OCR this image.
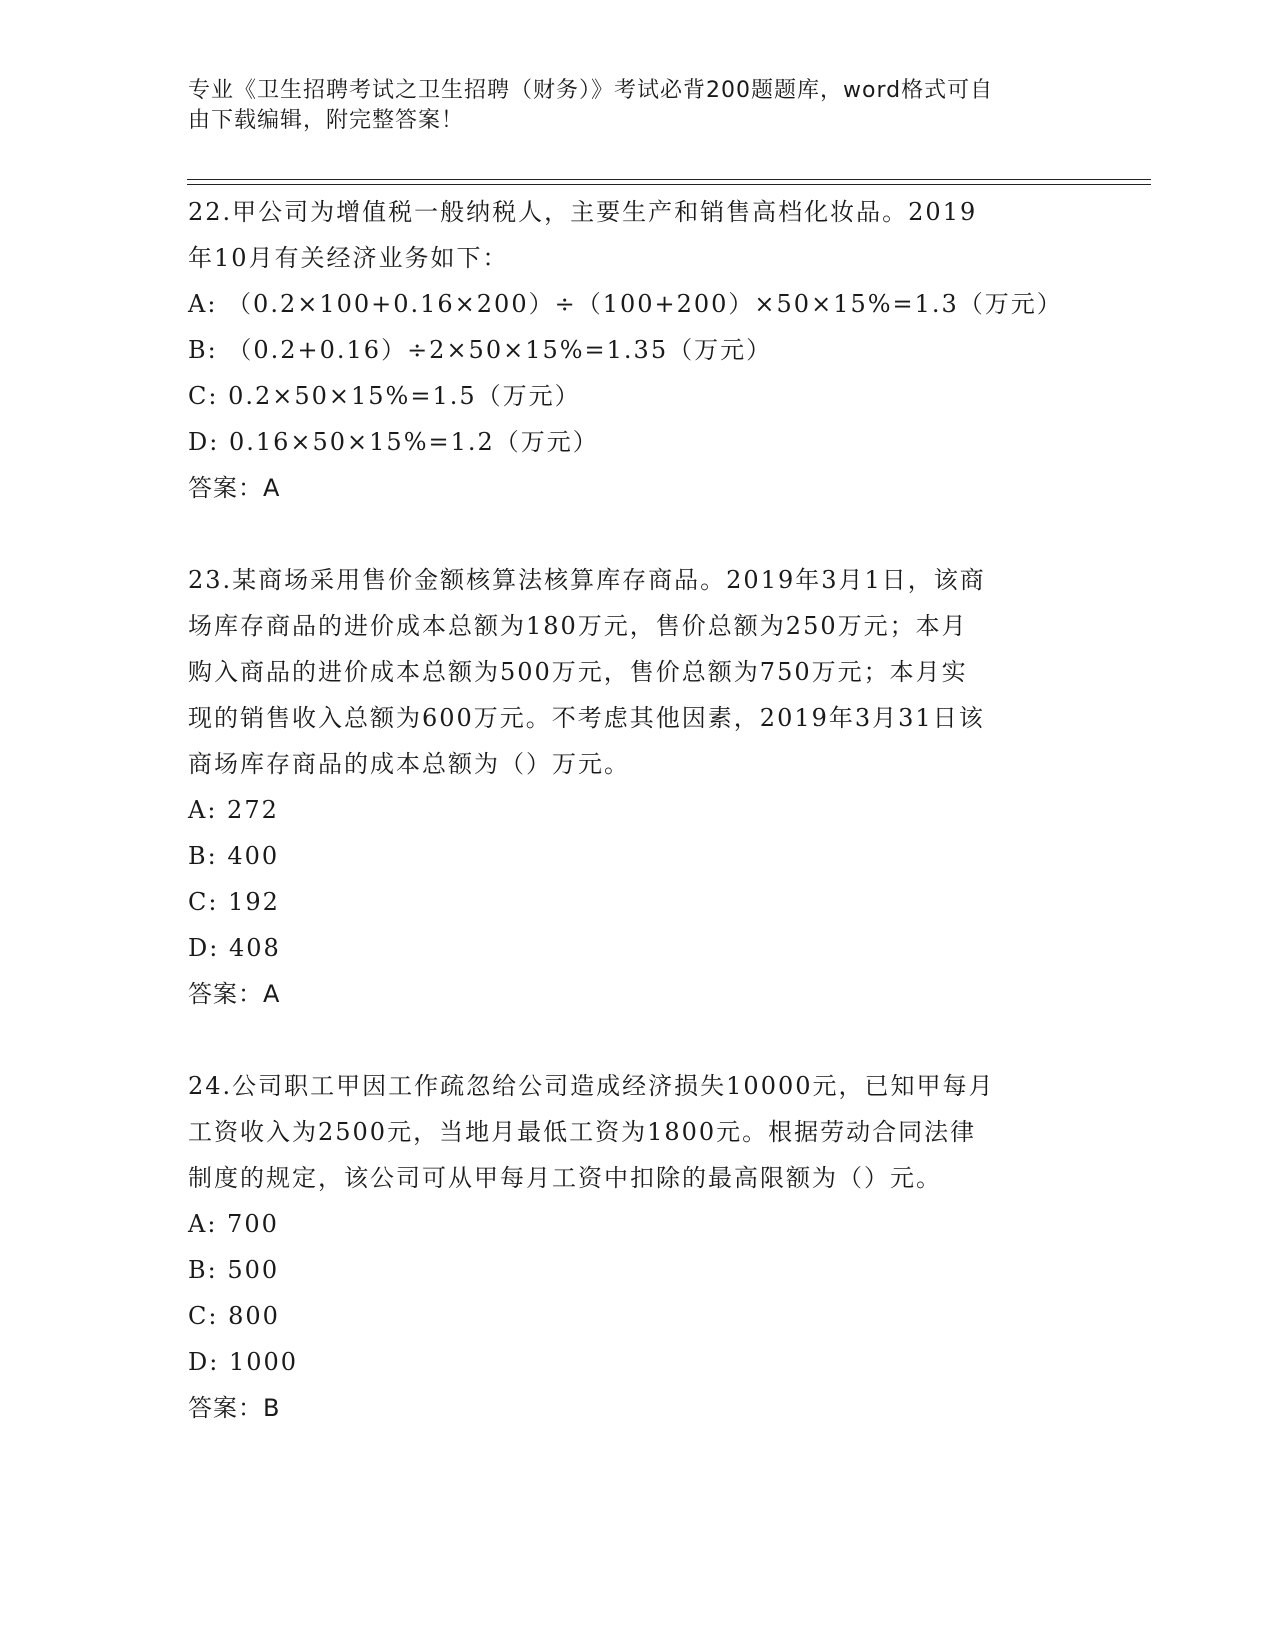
专业《卫生招聘考试之卫生招聘（财务）》考试必背200题题库，word格式可自
由下载编辑，附完整答案！
22.甲公司为增值税一般纳税人，主要生产和销售高档化妆品。2019
年10月有关经济业务如下：
A: （0.2×100+0.16×200）÷（100+200）×50×15%=1.3（万元）
B: （0.2+0.16）÷2×50×15%=1.35（万元）
C: 0.2×50×15%=1.5（万元）
D: 0.16×50×15%=1.2（万元）
答案：A
23.某商场采用售价金额核算法核算库存商品。2019年3月1日，该商
场库存商品的进价成本总额为180万元，售价总额为250万元；本月
购入商品的进价成本总额为500万元，售价总额为750万元；本月实
现的销售收入总额为600万元。不考虑其他因素，2019年3月31日该
商场库存商品的成本总额为（）万元。
A: 272
B: 400
C: 192
D: 408
答案：A
24.公司职工甲因工作疏忽给公司造成经济损失10000元，已知甲每月
工资收入为2500元，当地月最低工资为1800元。根据劳动合同法律
制度的规定，该公司可从甲每月工资中扣除的最高限额为（）元。
A: 700
B: 500
C: 800
D: 1000
答案：B
